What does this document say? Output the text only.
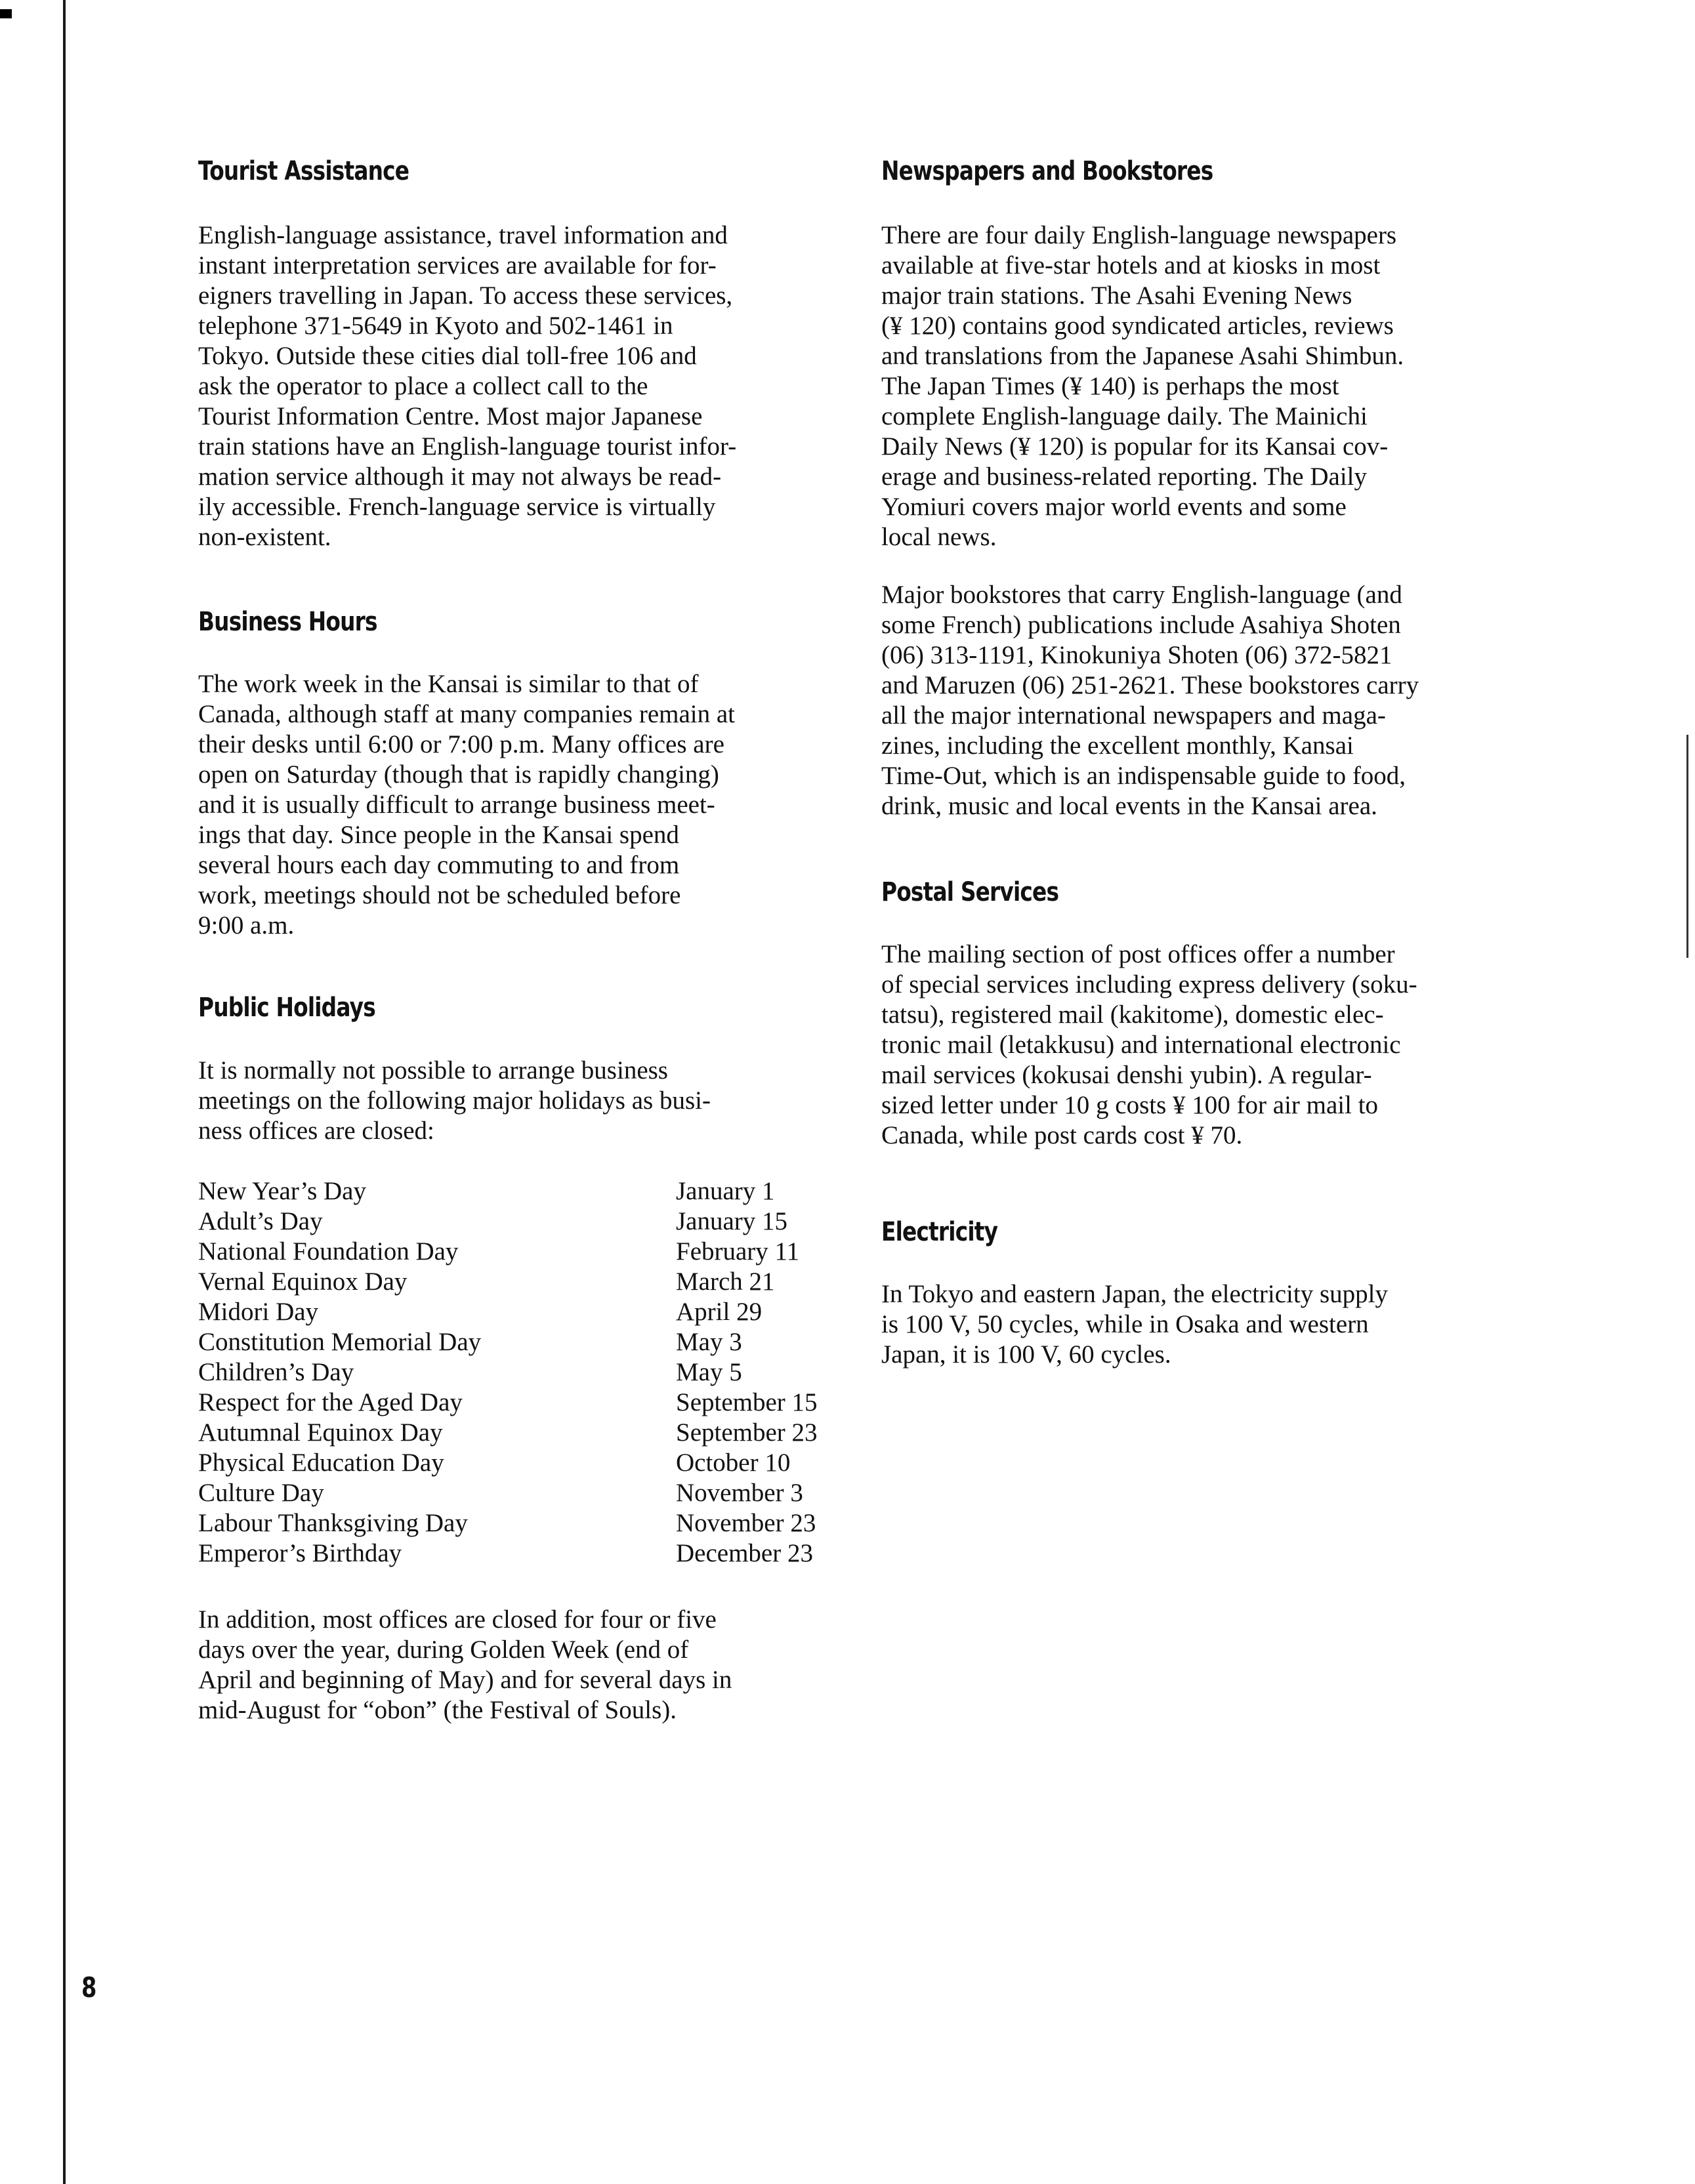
Tourist Assistance

English-language assistance, travel information and
instant interpretation services are available for for-
eigners travelling in Japan. To access these services,
telephone 371-5649 in Kyoto and 502-1461 in
Tokyo. Outside these cities dial toll-free 106 and
ask the operator to place a collect call to the
Tourist Information Centre. Most major Japanese
train stations have an English-language tourist infor-
mation service although it may not always be read-
ily accessible. French-language service is virtually
non-existent.

Business Hours

The work week in the Kansai is similar to that of
Canada, although staff at many companies remain at
their desks until 6:00 or 7:00 p.m. Many offices are
open on Saturday (though that is rapidly changing)
and it is usually difficult to arrange business meet-
ings that day. Since people in the Kansai spend
several hours each day commuting to and from
work, meetings should not be scheduled before
9:00 a.m.

Public Holidays

It is normally not possible to arrange business
meetings on the following major holidays as busi-
ness offices are closed:

New Year’s Day	January 1
Adult’s Day	January 15
National Foundation Day	February 11
Vernal Equinox Day	March 21
Midori Day	April 29
Constitution Memorial Day	May 3
Children’s Day	May 5
Respect for the Aged Day	September 15
Autumnal Equinox Day	September 23
Physical Education Day	October 10
Culture Day	November 3
Labour Thanksgiving Day	November 23
Emperor’s Birthday	December 23

In addition, most offices are closed for four or five
days over the year, during Golden Week (end of
April and beginning of May) and for several days in
mid-August for “obon” (the Festival of Souls).

Newspapers and Bookstores

There are four daily English-language newspapers
available at five-star hotels and at kiosks in most
major train stations. The Asahi Evening News
(¥ 120) contains good syndicated articles, reviews
and translations from the Japanese Asahi Shimbun.
The Japan Times (¥ 140) is perhaps the most
complete English-language daily. The Mainichi
Daily News (¥ 120) is popular for its Kansai cov-
erage and business-related reporting. The Daily
Yomiuri covers major world events and some
local news.

Major bookstores that carry English-language (and
some French) publications include Asahiya Shoten
(06) 313-1191, Kinokuniya Shoten (06) 372-5821
and Maruzen (06) 251-2621. These bookstores carry
all the major international newspapers and maga-
zines, including the excellent monthly, Kansai
Time-Out, which is an indispensable guide to food,
drink, music and local events in the Kansai area.

Postal Services

The mailing section of post offices offer a number
of special services including express delivery (soku-
tatsu), registered mail (kakitome), domestic elec-
tronic mail (letakkusu) and international electronic
mail services (kokusai denshi yubin). A regular-
sized letter under 10 g costs ¥ 100 for air mail to
Canada, while post cards cost ¥ 70.

Electricity

In Tokyo and eastern Japan, the electricity supply
is 100 V, 50 cycles, while in Osaka and western
Japan, it is 100 V, 60 cycles.

8
